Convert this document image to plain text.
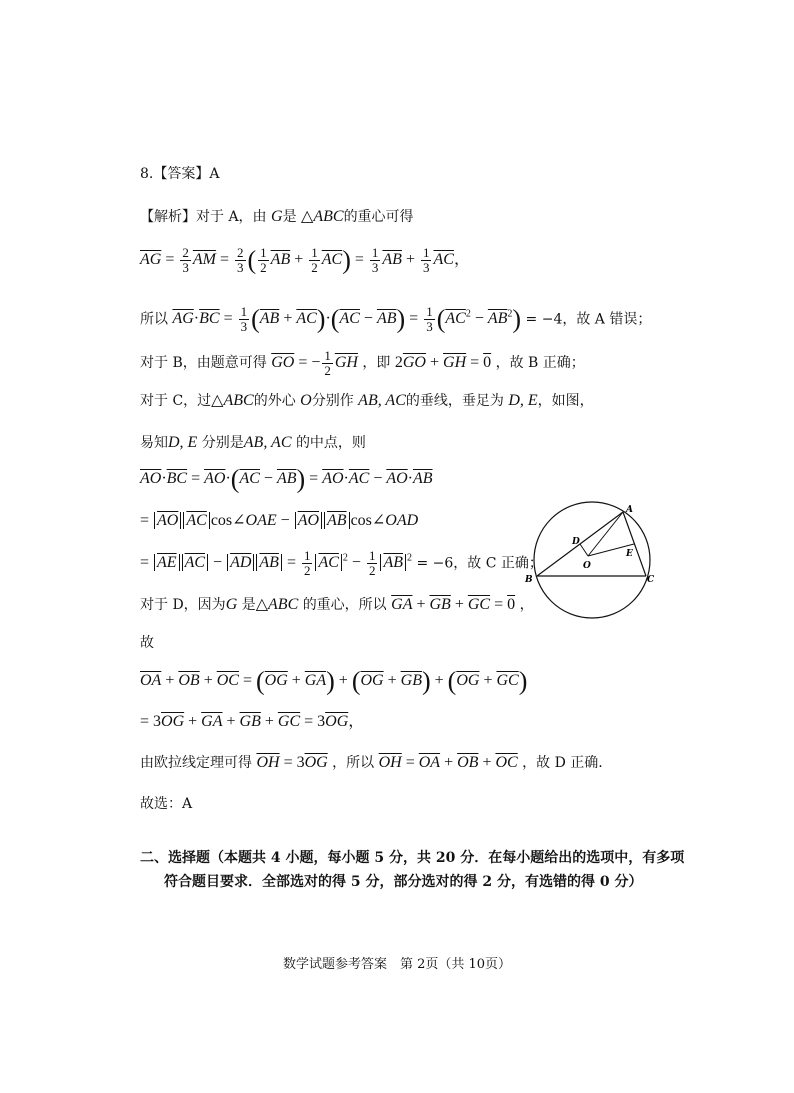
8.【答案】A
【解析】对于 A，由 G是 △ABC的重心可得
$\overline{AG} = \frac{2}{3} \overline{AM} = \frac{2}{3}$ ( $\frac{1}{2} \overline{AB} + \frac{1}{2} \overline{AC}) = \frac{1}{3} \overline{AB} + \frac{1}{3} \overline{AC}$，
所以 $\overline{AG}\cdot\overline{BC} = \frac{1}{3} (\overline{AB} + \overline{AC})\cdot(\overline{AC} - \overline{AB}) = \frac{1}{3} (\overline{AC}^2 - \overline{AB}^2) = -4$，故 A 错误；
对于 B，由题意可得 $\overline{GO}$ = − $\frac{1}{2} \overline{GH}$ ，即 $2\overline{GO} + \overline{GH} = 0$ ，故 B 正确；
对于 C，过△ABC的外心 O分别作 AB, AC的垂线，垂足为 D, E，如图，
易知D, E 分别是AB, AC 的中点，则
$\overline{AO}\cdot\overline{BC} = \overline{AO}\cdot(\overline{AC} - \overline{AB}) = \overline{AO}\cdot\overline{AC} - \overline{AO}\cdot\overline{AB}$
= $\overline{AO}$ $\overline{AC}$ cos∠OAE − $\overline{AO}$ $\overline{AB}$ cos∠OAD
= $\overline{AE}$ $\overline{AC} - \overline{AD}$ $\overline{AB} = \frac{1}{2} \overline{AC}$ $^2 - \frac{1}{2} \overline{AB}$ $^2$ = −6，故 C 正确；
对于 D，因为G 是△ABC 的重心，所以 $\overline{GA} + \overline{GB} + \overline{GC} = 0$ ，
故
$\overline{OA} + \overline{OB} + \overline{OC} = (\overline{OG} + \overline{GA}) + (\overline{OG} + \overline{GB}) + (\overline{OG} + \overline{GC})$
= $3\overline{OG} + \overline{GA} + \overline{GB} + \overline{GC} = 3\overline{OG}$，
由欧拉线定理可得 $\overline{OH} = 3\overline{OG}$ ，所以 $\overline{OH} = \overline{OA} + \overline{OB} + \overline{OC}$ ，故 D 正确.
故选：A
A
B	C
D
E
O
二、选择题（本题共 4 小题，每小题 5 分，共 20 分．在每小题给出的选项中，有多项
符合题目要求．全部选对的得 5 分，部分选对的得 2 分，有选错的得 0 分）
数学试题参考答案　第 2页（共 10页）
